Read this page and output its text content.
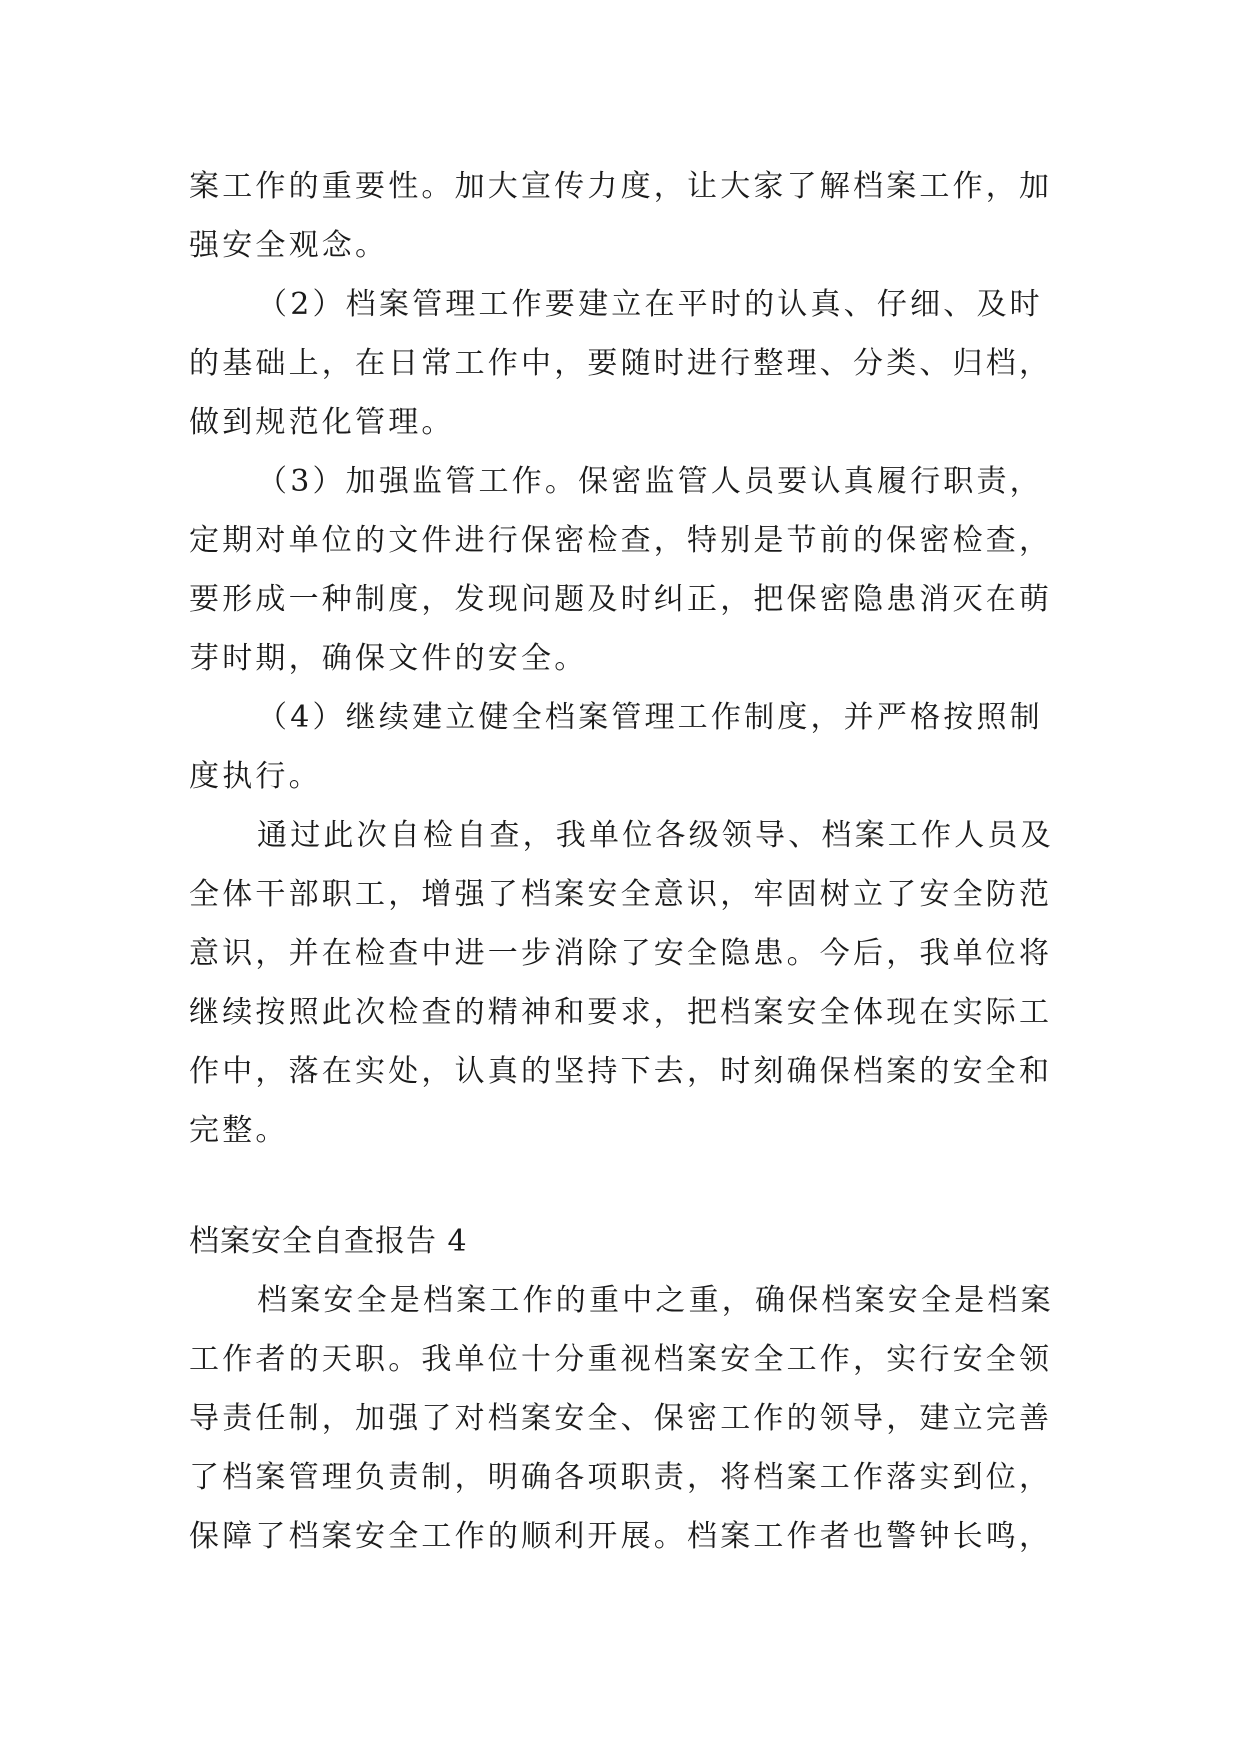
案工作的重要性。加大宣传力度，让大家了解档案工作，加
强安全观念。
（2）档案管理工作要建立在平时的认真、仔细、及时
的基础上，在日常工作中，要随时进行整理、分类、归档，
做到规范化管理。
（3）加强监管工作。保密监管人员要认真履行职责，
定期对单位的文件进行保密检查，特别是节前的保密检查，
要形成一种制度，发现问题及时纠正，把保密隐患消灭在萌
芽时期，确保文件的安全。
（4）继续建立健全档案管理工作制度，并严格按照制
度执行。
通过此次自检自查，我单位各级领导、档案工作人员及
全体干部职工，增强了档案安全意识，牢固树立了安全防范
意识，并在检查中进一步消除了安全隐患。今后，我单位将
继续按照此次检查的精神和要求，把档案安全体现在实际工
作中，落在实处，认真的坚持下去，时刻确保档案的安全和
完整。
档案安全自查报告 4
档案安全是档案工作的重中之重，确保档案安全是档案
工作者的天职。我单位十分重视档案安全工作，实行安全领
导责任制，加强了对档案安全、保密工作的领导，建立完善
了档案管理负责制，明确各项职责，将档案工作落实到位，
保障了档案安全工作的顺利开展。档案工作者也警钟长鸣，
